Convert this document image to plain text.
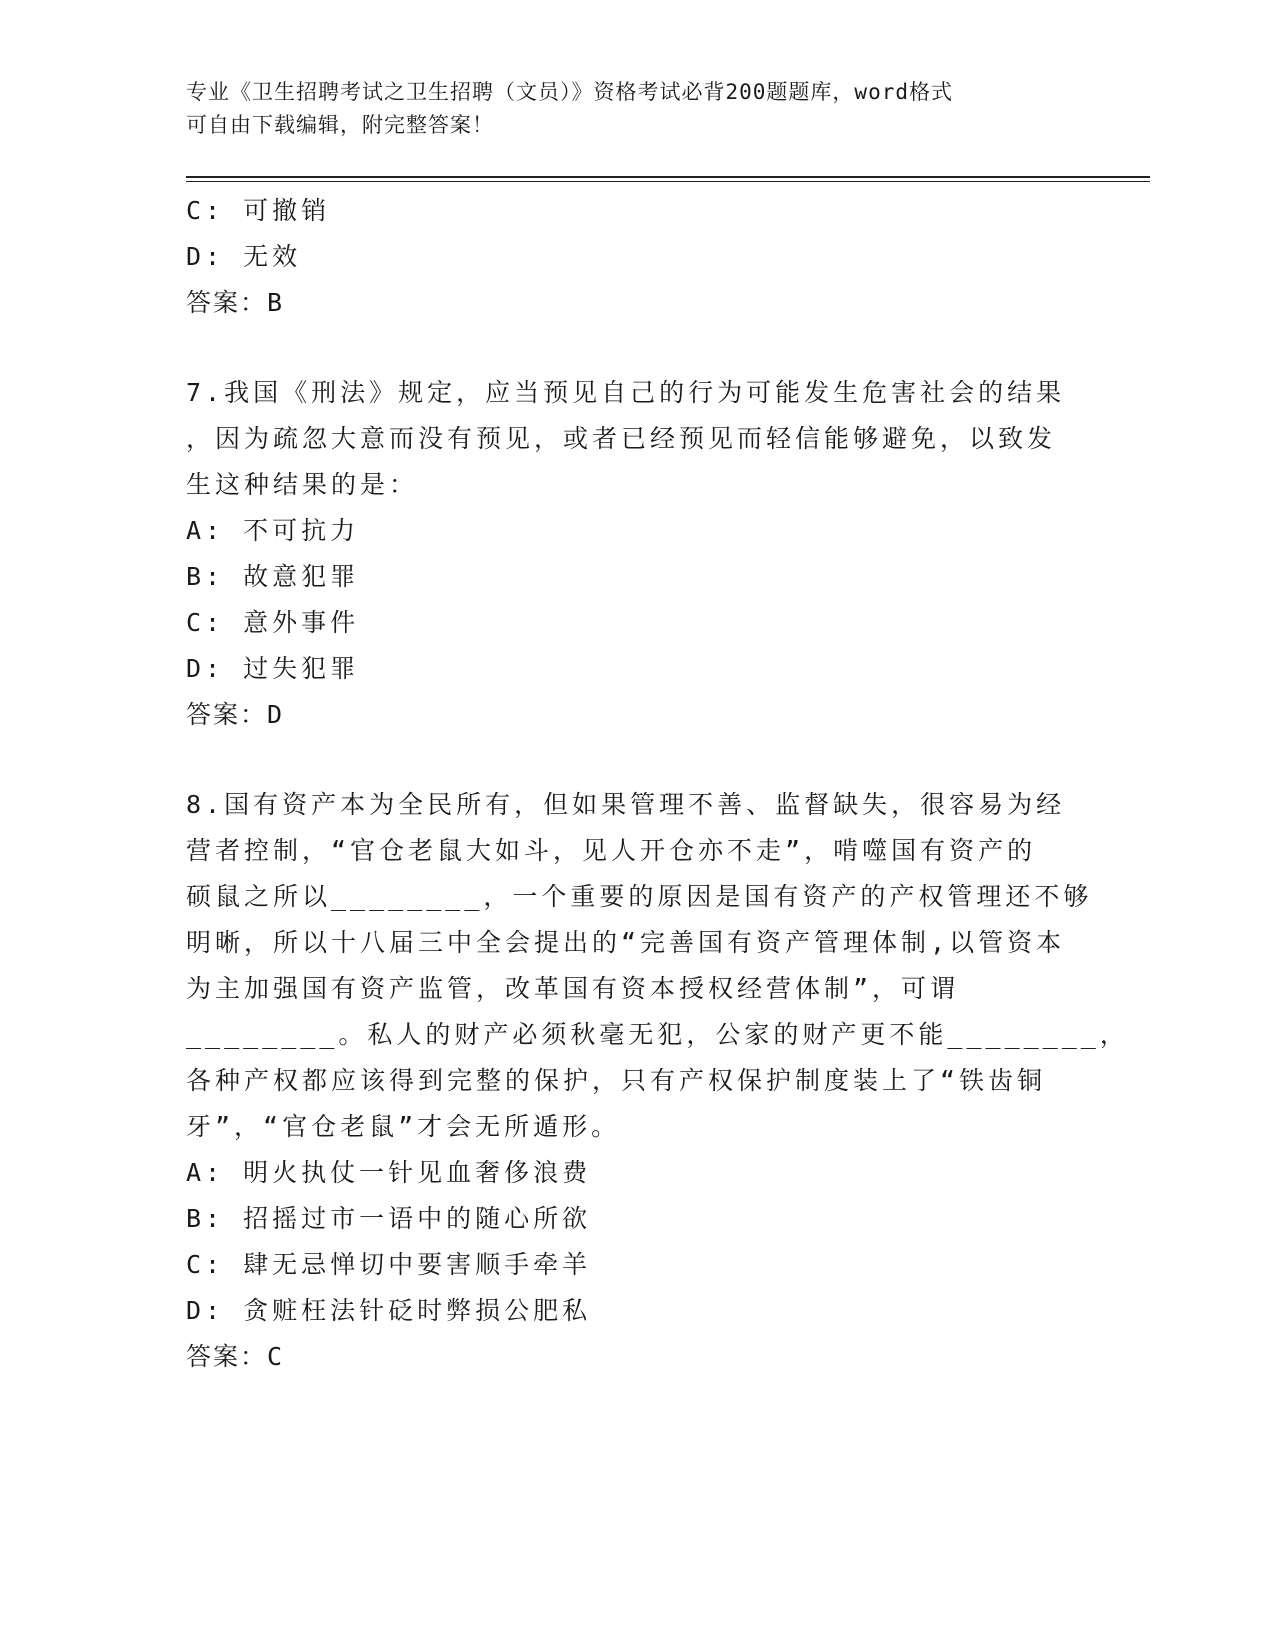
专业《卫生招聘考试之卫生招聘（文员）》资格考试必背200题题库，word格式
可自由下载编辑，附完整答案！
C: 可撤销
D: 无效
答案：B
7.我国《刑法》规定，应当预见自己的行为可能发生危害社会的结果
，因为疏忽大意而没有预见，或者已经预见而轻信能够避免，以致发
生这种结果的是：
A: 不可抗力
B: 故意犯罪
C: 意外事件
D: 过失犯罪
答案：D
8.国有资产本为全民所有，但如果管理不善、监督缺失，很容易为经
营者控制，“官仓老鼠大如斗，见人开仓亦不走”，啃噬国有资产的
硕鼠之所以________，一个重要的原因是国有资产的产权管理还不够
明晰，所以十八届三中全会提出的“完善国有资产管理体制,以管资本
为主加强国有资产监管，改革国有资本授权经营体制”，可谓
________。私人的财产必须秋毫无犯，公家的财产更不能________，
各种产权都应该得到完整的保护，只有产权保护制度装上了“铁齿铜
牙”，“官仓老鼠”才会无所遁形。
A: 明火执仗一针见血奢侈浪费
B: 招摇过市一语中的随心所欲
C: 肆无忌惮切中要害顺手牵羊
D: 贪赃枉法针砭时弊损公肥私
答案：C
